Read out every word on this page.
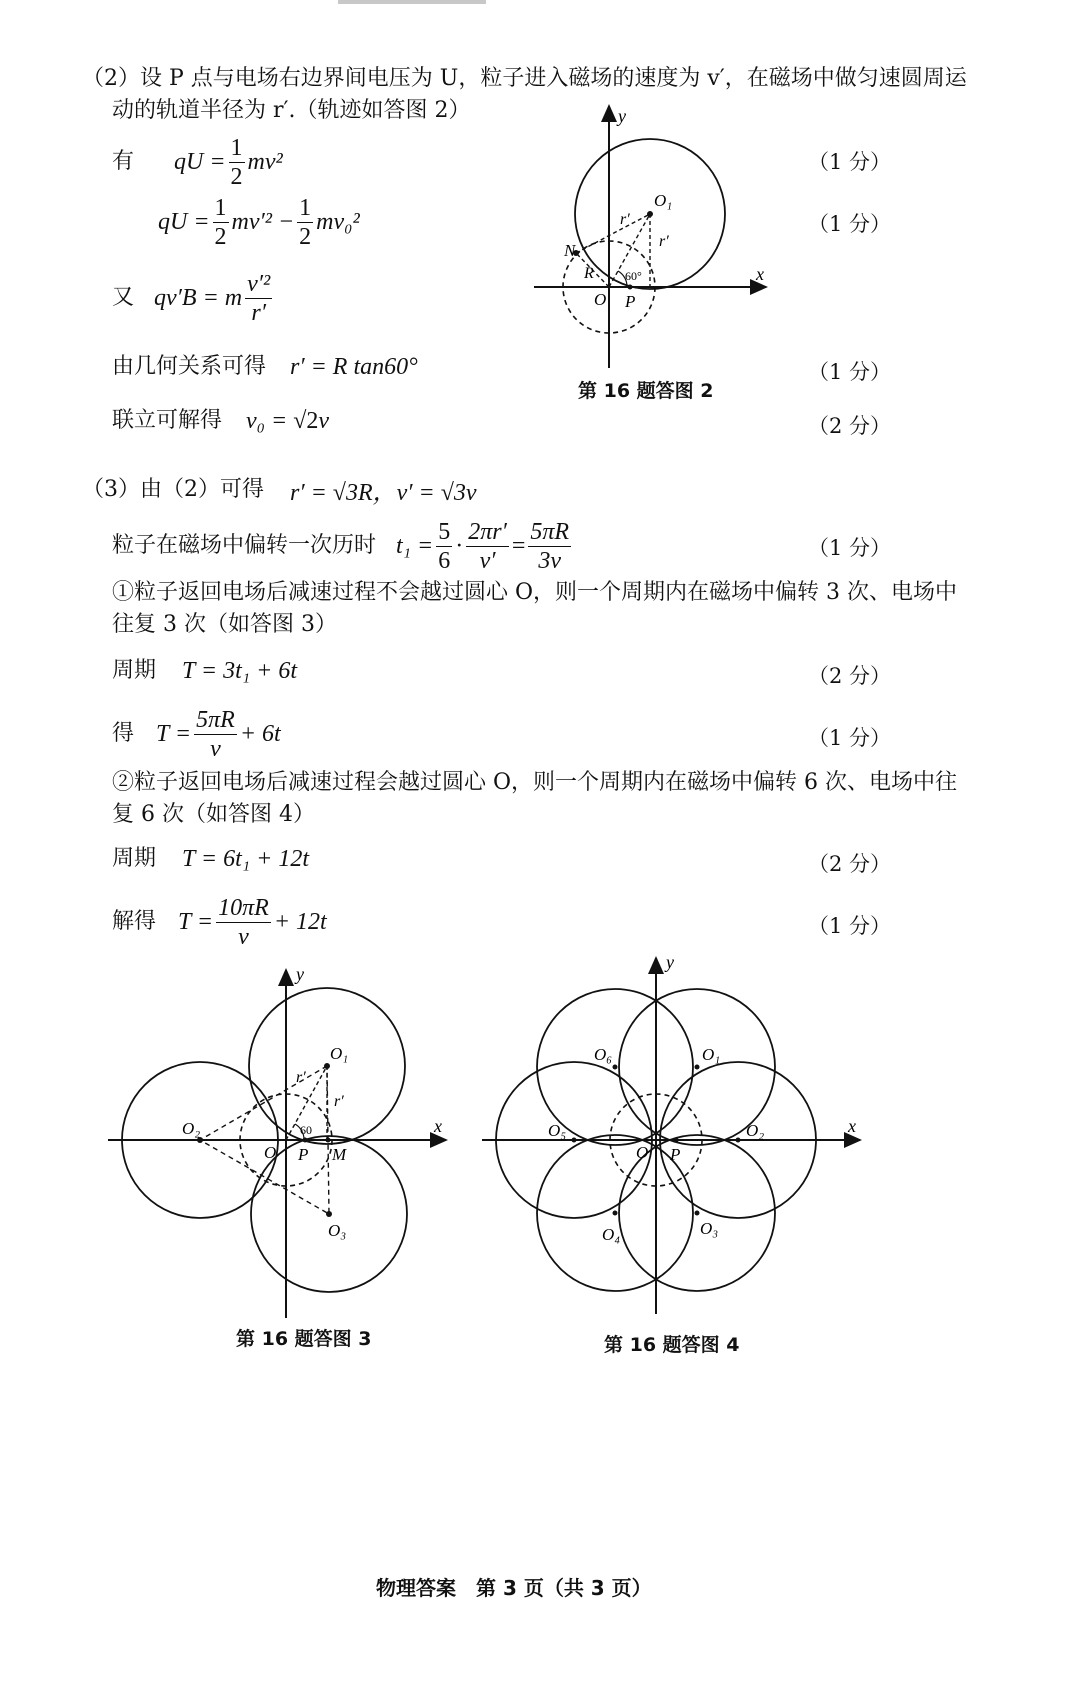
（2）设 P 点与电场右边界间电压为 U，粒子进入磁场的速度为 v′，在磁场中做匀速圆周运
动的轨道半径为 r′.（轨迹如答图 2）
有 qU = $\frac{1}{2} mv^2$	（1 分）
qU = $\frac{1}{2} mv'^2 - \frac{1}{2} mv_0^2$	（1 分）
又 qv′B = m $\frac{\text{v′²}}{r'}$
由几何关系可得 r′ = R tan60°	（1 分）
联立可解得 v₀ = √2 v	（2 分）
y
x
O₁
N
R
O P
60°
r′
r′
第 16 题答图 2
（3）由（2）可得 r′ = √3R，v′ = √3v
粒子在磁场中偏转一次历时 $t_1 = \frac{5}{6} \cdot \frac{2\pi r'}{v'} = \frac{5\pi R}{3v}$	（1 分）
①粒子返回电场后减速过程不会越过圆心 O，则一个周期内在磁场中偏转 3 次、电场中
往复 3 次（如答图 3）
周期 T = 3t₁ + 6t	（2 分）
得 $T = \frac{5\pi R}{v} + 6t$	（1 分）
②粒子返回电场后减速过程会越过圆心 O，则一个周期内在磁场中偏转 6 次、电场中往
复 6 次（如答图 4）
周期 T = 6t₁ + 12t	（2 分）
解得 $T = \frac{10\pi R}{v} + 12t$	（1 分）
y
x
O₁
O₂
O₃
O P M
60
r′
r′
第 16 题答图 3
y
x
O₁
O₂
O₃
O₄
O₅
O₆
O P
第 16 题答图 4
物理答案　第 3 页（共 3 页）
